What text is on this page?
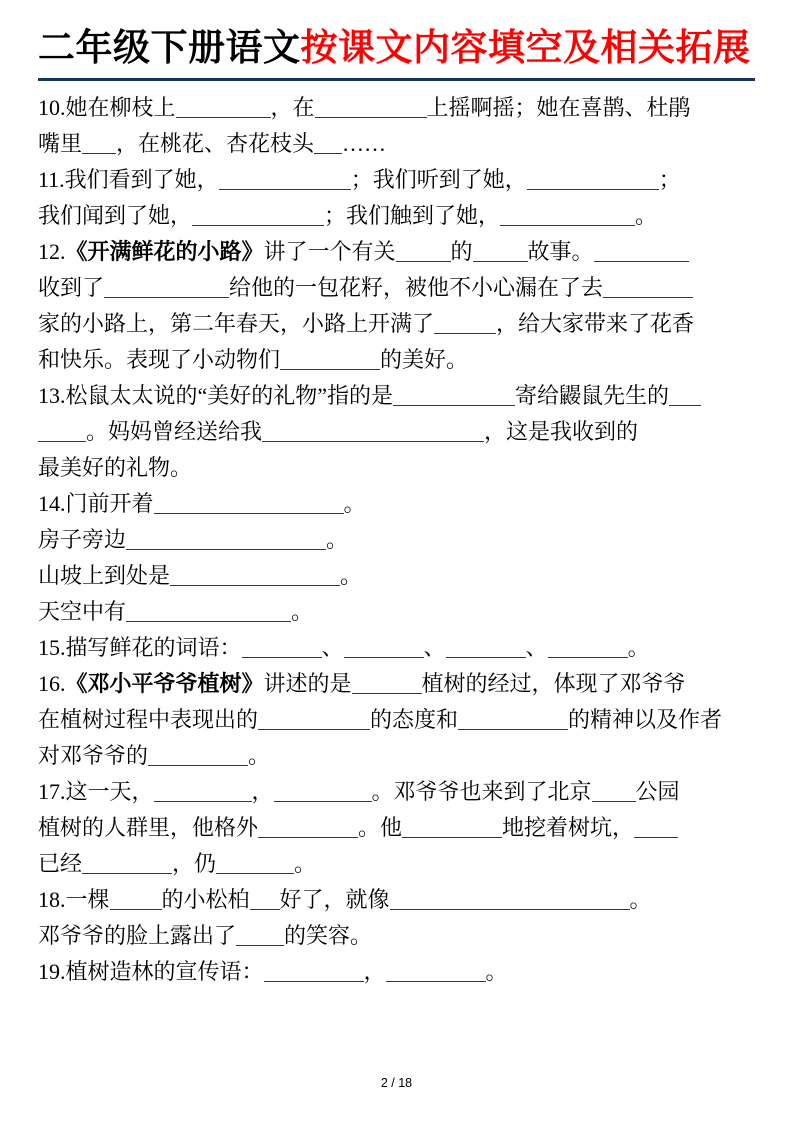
二年级下册语文按课文内容填空及相关拓展
10.她在柳枝上	，在	上摇啊摇；她在喜鹊、杜鹃
嘴里 ，在桃花、杏花枝头 ……
11.我们看到了她，	；我们听到了她，	；
我们闻到了她，	；我们触到了她，	。
12.《开满鲜花的小路》讲了一个有关	的	故事。
收到了	给他的一包花籽，被他不小心漏在了去
家的小路上，第二年春天，小路上开满了	，给大家带来了花香
和快乐。表现了小动物们	的美好。
13.松鼠太太说的“美好的礼物”指的是	寄给鼹鼠先生的
。妈妈曾经送给我	，这是我收到的
最美好的礼物。
14.门前开着	。
房子旁边	。
山坡上到处是	。
天空中有	。
15.描写鲜花的词语：	、	、	、	。
16.《邓小平爷爷植树》讲述的是	植树的经过，体现了邓爷爷
在植树过程中表现出的	的态度和	的精神以及作者
对邓爷爷的	。
17.这一天，	，	。邓爷爷也来到了北京 公园
植树的人群里，他格外	。他	地挖着树坑，
已经	，仍	。
18.一棵 的小松柏 好了，就像	。
邓爷爷的脸上露出了 的笑容。
19.植树造林的宣传语：	，	。
2 / 18
